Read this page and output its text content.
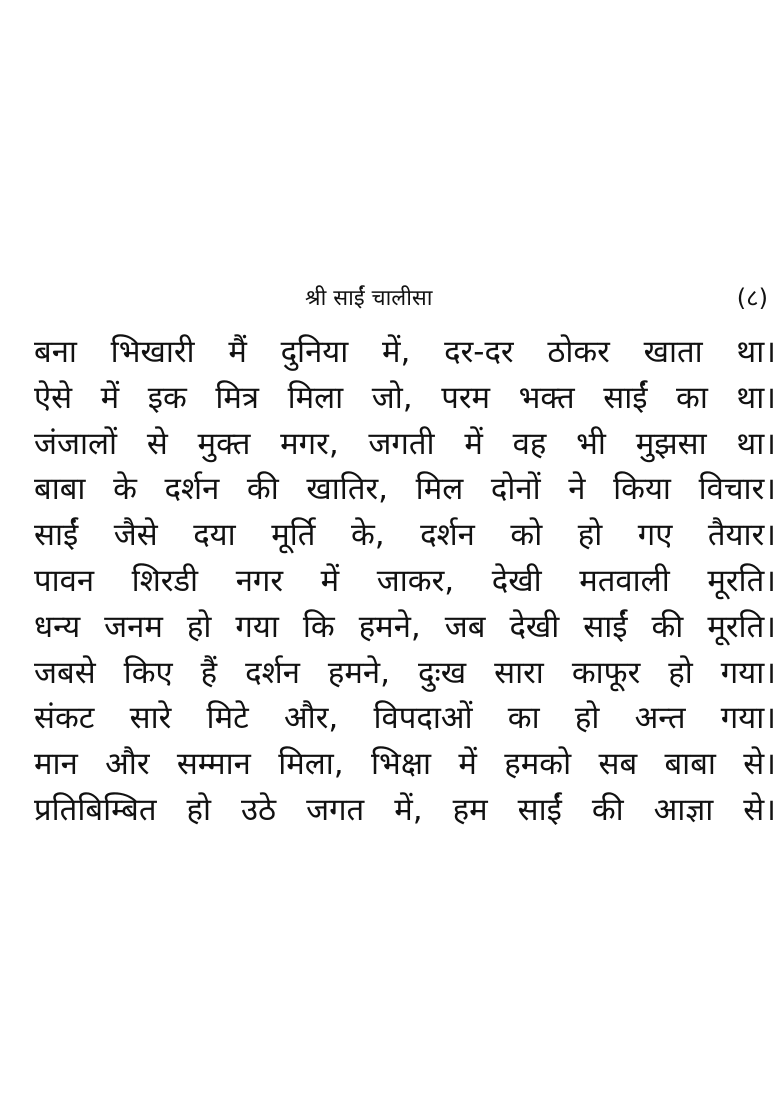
श्री साईं चालीसा	(८)
बना भिखारी मैं दुनिया में, दर-दर ठोकर खाता था।
ऐसे में इक मित्र मिला जो, परम भक्त साईं का था।
जंजालों से मुक्त मगर, जगती में वह भी मुझसा था।
बाबा के दर्शन की खातिर, मिल दोनों ने किया विचार।
साईं जैसे दया मूर्ति के, दर्शन को हो गए तैयार।
पावन शिरडी नगर में जाकर, देखी मतवाली मूरति।
धन्य जनम हो गया कि हमने, जब देखी साईं की मूरति।
जबसे किए हैं दर्शन हमने, दुःख सारा काफूर हो गया।
संकट सारे मिटे और, विपदाओं का हो अन्त गया।
मान और सम्मान मिला, भिक्षा में हमको सब बाबा से।
प्रतिबिम्बित हो उठे जगत में, हम साईं की आज्ञा से।
